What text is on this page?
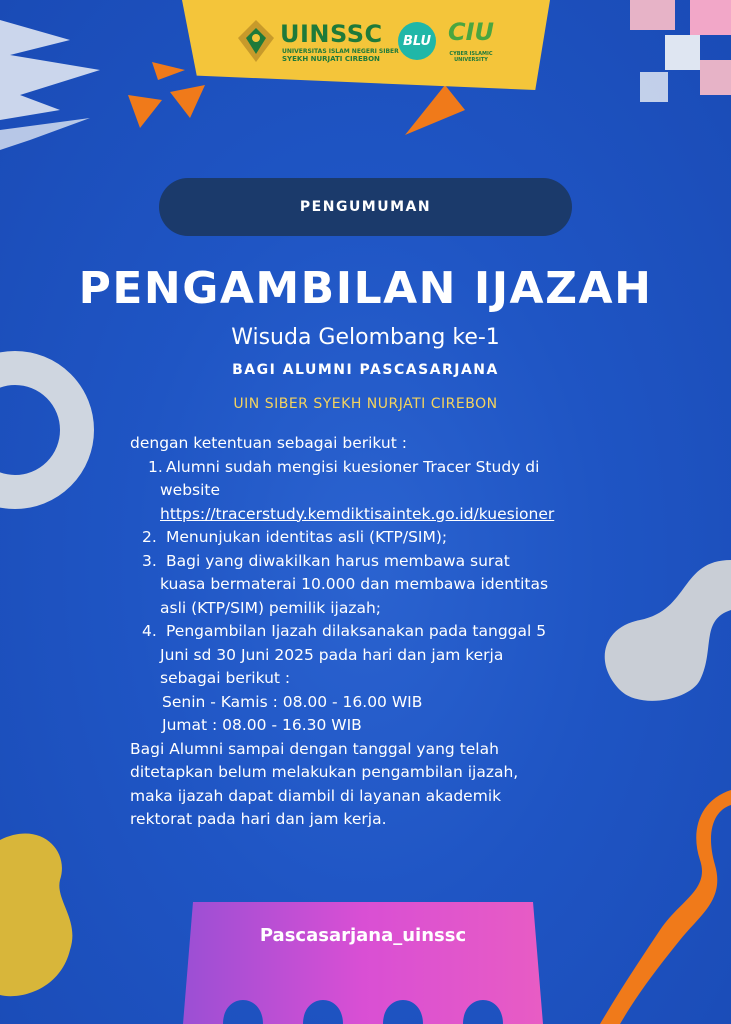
UINSSC
UNIVERSITAS ISLAM NEGERI SIBER
SYEKH NURJATI CIREBON
BLU CIU
CYBER ISLAMIC UNIVERSITY
PENGUMUMAN
PENGAMBILAN IJAZAH
Wisuda Gelombang ke-1
BAGI ALUMNI PASCASARJANA
UIN SIBER SYEKH NURJATI CIREBON

dengan ketentuan sebagai berikut :

1. Alumni sudah mengisi kuesioner Tracer Study di
website
https://tracerstudy.kemdiktisaintek.go.id/kuesioner
2. Menunjukan identitas asli (KTP/SIM);
3. Bagi yang diwakilkan harus membawa surat
kuasa bermaterai 10.000 dan membawa identitas
asli (KTP/SIM) pemilik ijazah;
4. Pengambilan Ijazah dilaksanakan pada tanggal 5
Juni sd 30 Juni 2025 pada hari dan jam kerja
sebagai berikut :
Senin - Kamis : 08.00 - 16.00 WIB
Jumat : 08.00 - 16.30 WIB

Bagi Alumni sampai dengan tanggal yang telah

ditetapkan belum melakukan pengambilan ijazah,

maka ijazah dapat diambil di layanan akademik

rektorat pada hari dan jam kerja.

Pascasarjana_uinssc
